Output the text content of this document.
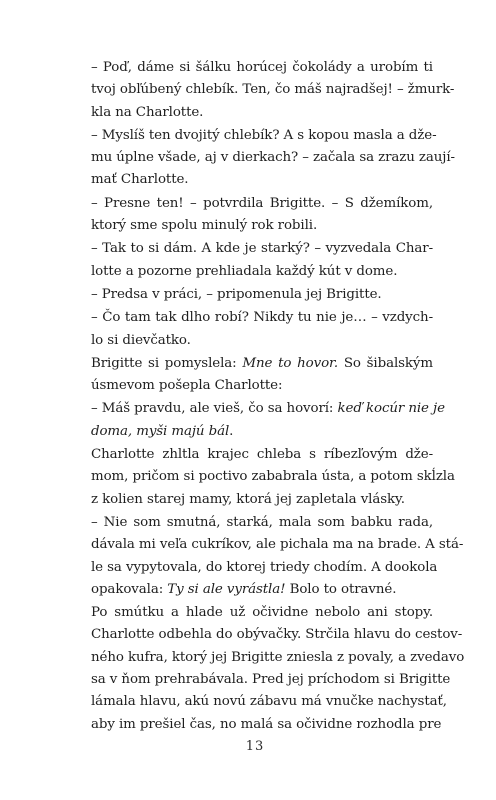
– Poď, dáme si šálku horúcej čokolády a urobím ti
tvoj obľúbený chlebík. Ten, čo máš najradšej! – žmurk-
kla na Charlotte.

– Myslíš ten dvojitý chlebík? A s kopou masla a dže-
mu úplne všade, aj v dierkach? – začala sa zrazu zaují-
mať Charlotte.

– Presne ten! – potvrdila Brigitte. – S džemíkom,
ktorý sme spolu minulý rok robili.

– Tak to si dám. A kde je starký? – vyzvedala Char-
lotte a pozorne prehliadala každý kút v dome.

– Predsa v práci, – pripomenula jej Brigitte.

– Čo tam tak dlho robí? Nikdy tu nie je… – vzdych-
lo si dievčatko.

Brigitte si pomyslela: Mne to hovor. So šibalským
úsmevom pošepla Charlotte:

– Máš pravdu, ale vieš, čo sa hovorí: keď kocúr nie je
doma, myši majú bál.

Charlotte zhltla krajec chleba s ríbezľovým dže-
mom, pričom si poctivo zababrala ústa, a potom skĺzla
z kolien starej mamy, ktorá jej zapletala vlásky.

– Nie som smutná, starká, mala som babku rada,
dávala mi veľa cukríkov, ale pichala ma na brade. A stá-
le sa vypytovala, do ktorej triedy chodím. A dookola
opakovala: Ty si ale vyrástla! Bolo to otravné.

Po smútku a hlade už očividne nebolo ani stopy.
Charlotte odbehla do obývačky. Strčila hlavu do cestov-
ného kufra, ktorý jej Brigitte zniesla z povaly, a zvedavo
sa v ňom prehrabávala. Pred jej príchodom si Brigitte
lámala hlavu, akú novú zábavu má vnučke nachystať,
aby im prešiel čas, no malá sa očividne rozhodla pre

13
